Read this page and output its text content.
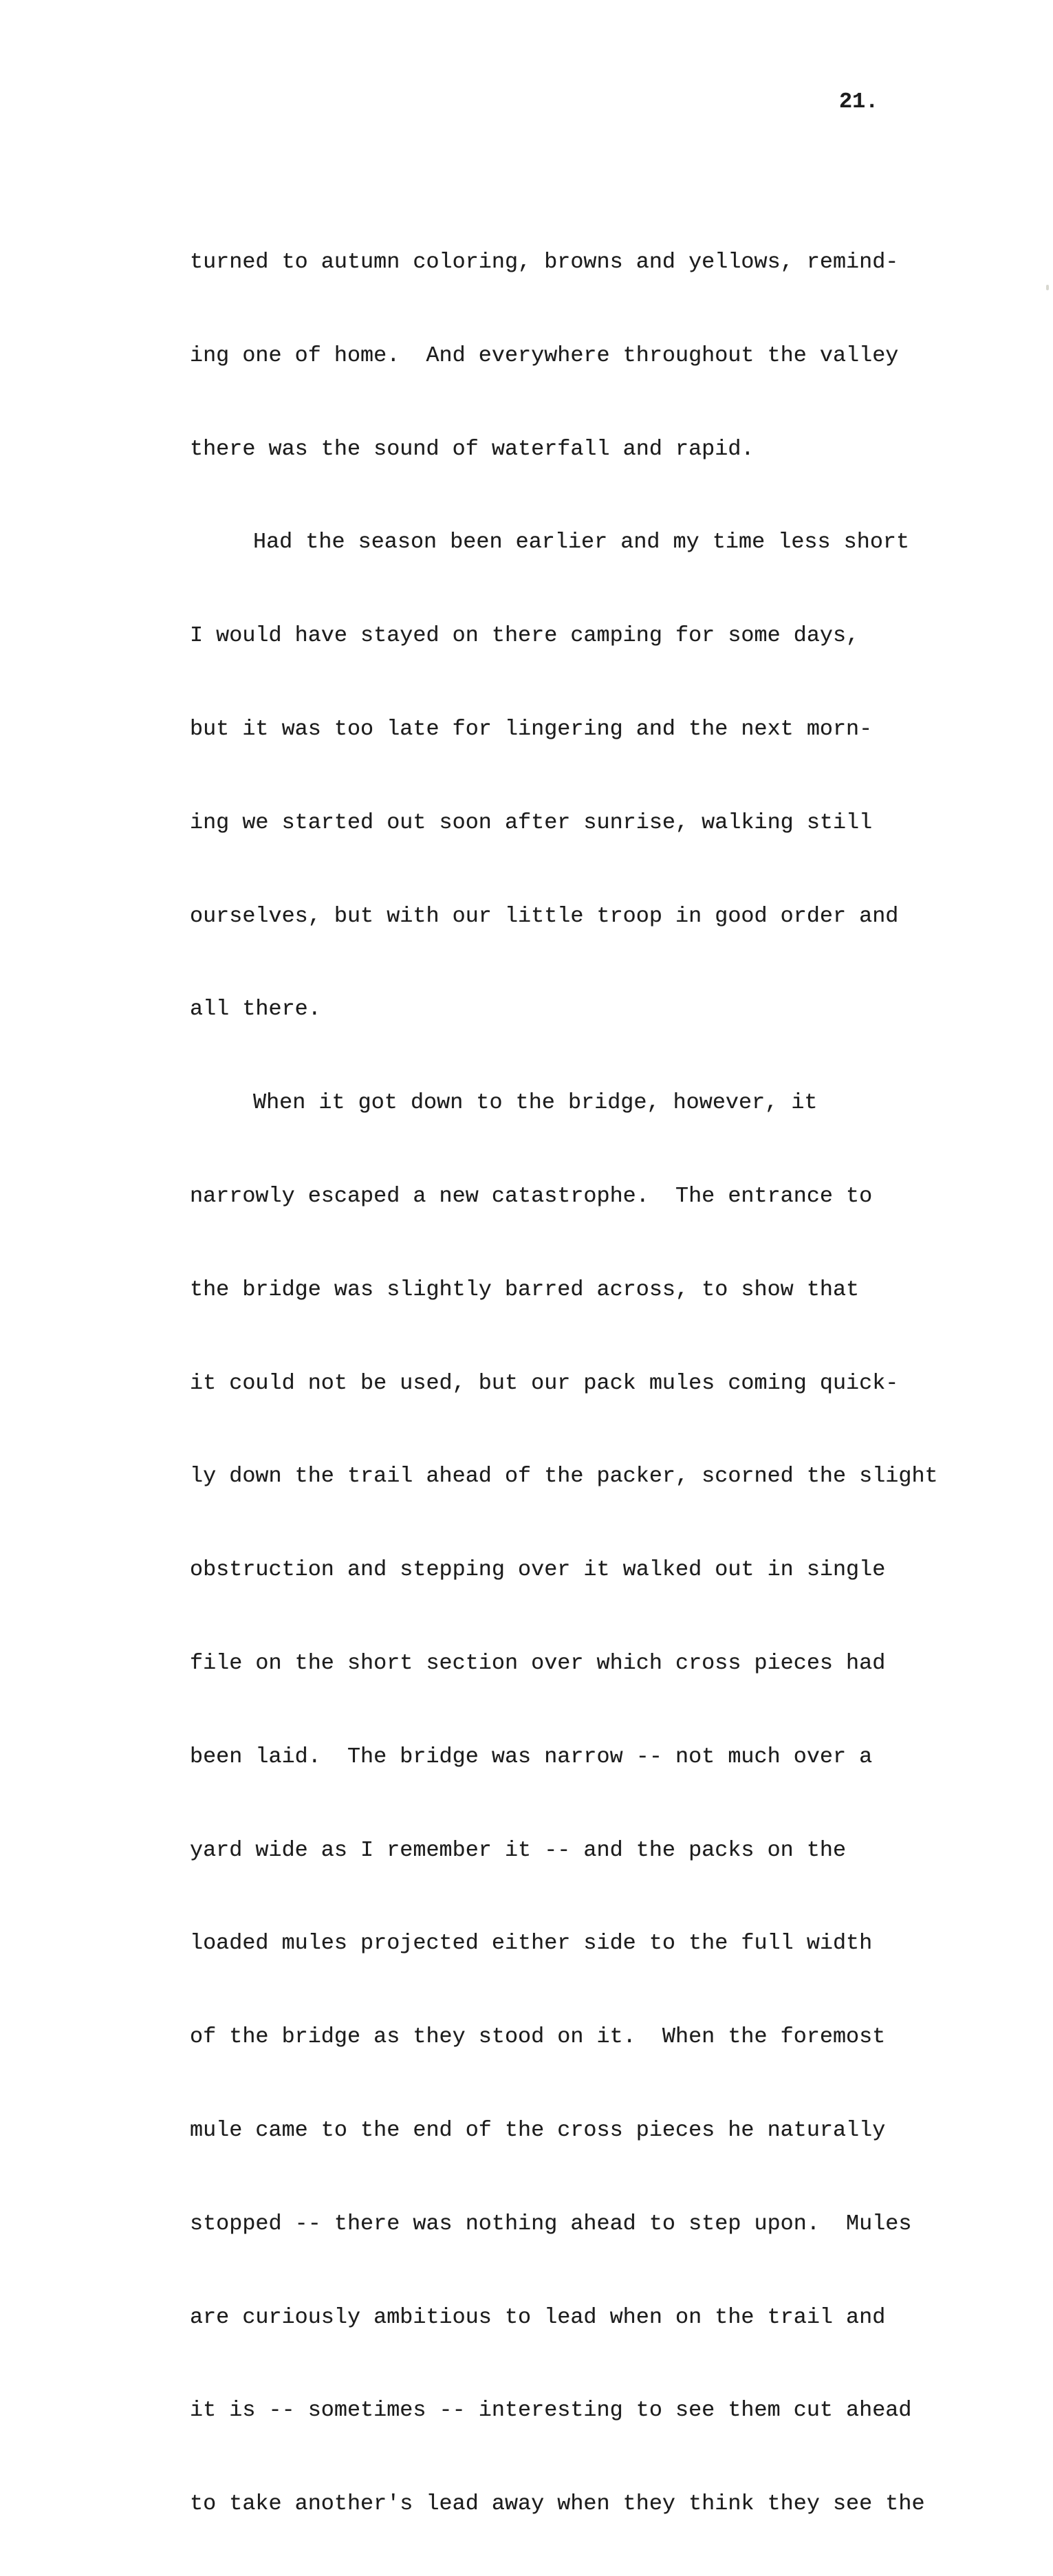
21.

turned to autumn coloring, browns and yellows, remind-

ing one of home.  And everywhere throughout the valley

there was the sound of waterfall and rapid.

Had the season been earlier and my time less short

I would have stayed on there camping for some days,

but it was too late for lingering and the next morn-

ing we started out soon after sunrise, walking still

ourselves, but with our little troop in good order and

all there.

When it got down to the bridge, however, it

narrowly escaped a new catastrophe.  The entrance to

the bridge was slightly barred across, to show that

it could not be used, but our pack mules coming quick-

ly down the trail ahead of the packer, scorned the slight

obstruction and stepping over it walked out in single

file on the short section over which cross pieces had

been laid.  The bridge was narrow -- not much over a

yard wide as I remember it -- and the packs on the

loaded mules projected either side to the full width

of the bridge as they stood on it.  When the foremost

mule came to the end of the cross pieces he naturally

stopped -- there was nothing ahead to step upon.  Mules

are curiously ambitious to lead when on the trail and

it is -- sometimes -- interesting to see them cut ahead

to take another's lead away when they think they see the
